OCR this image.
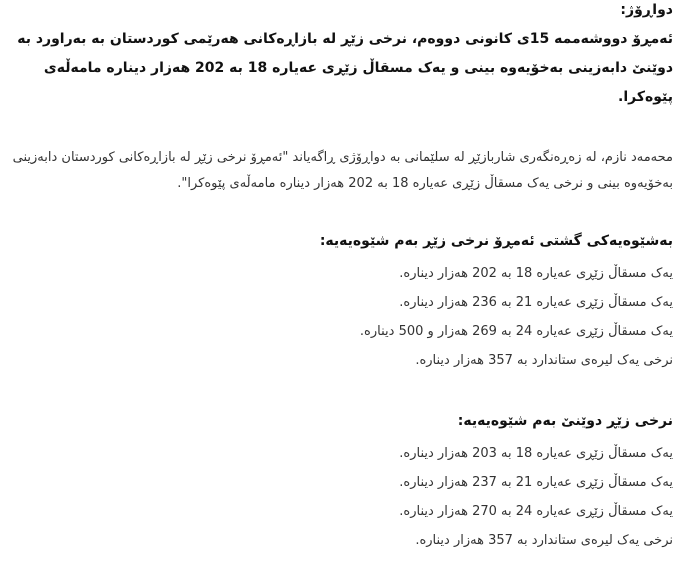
دواڕۆژ:

ئەمڕۆ دووشەممە 15ی کانونی دووەم، نرخی زێڕ لە بازاڕەکانی هەرێمی کوردستان بە بەراورد بە دوێنێ دابەزینی بەخۆیەوە بینی و یەک مسقاڵ زێڕی عەیارە 18 بە 202 هەزار دینارە مامەڵەی پێوەکرا.

محەمەد نازم، لە زەڕەنگەری شاربازێڕ لە سلێمانی بە دواڕۆژی ڕاگەیاند "ئەمڕۆ نرخی زێڕ لە بازاڕەکانی کوردستان دابەزینی بەخۆیەوە بینی و نرخی یەک مسقاڵ زێڕی عەیارە 18 بە 202 هەزار دینارە مامەڵەی پێوەکرا".

بەشێوەیەکی گشتی ئەمڕۆ نرخی زێڕ بەم شێوەیەیە:

یەک مسقاڵ زێڕی عەیارە 18 بە 202 هەزار دینارە.
یەک مسقاڵ زێڕی عەیارە 21 بە 236 هەزار دینارە.
یەک مسقاڵ زێڕی عەیارە 24 بە 269 هەزار و 500 دینارە.
نرخی یەک لیرەی ستاندارد بە 357 هەزار دینارە.

نرخی زێڕ دوێنێ بەم شێوەیەیە:

یەک مسقاڵ زێڕی عەیارە 18 بە 203 هەزار دینارە.
یەک مسقاڵ زێڕی عەیارە 21 بە 237 هەزار دینارە.
یەک مسقاڵ زێڕی عەیارە 24 بە 270 هەزار دینارە.
نرخی یەک لیرەی ستاندارد بە 357 هەزار دینارە.
